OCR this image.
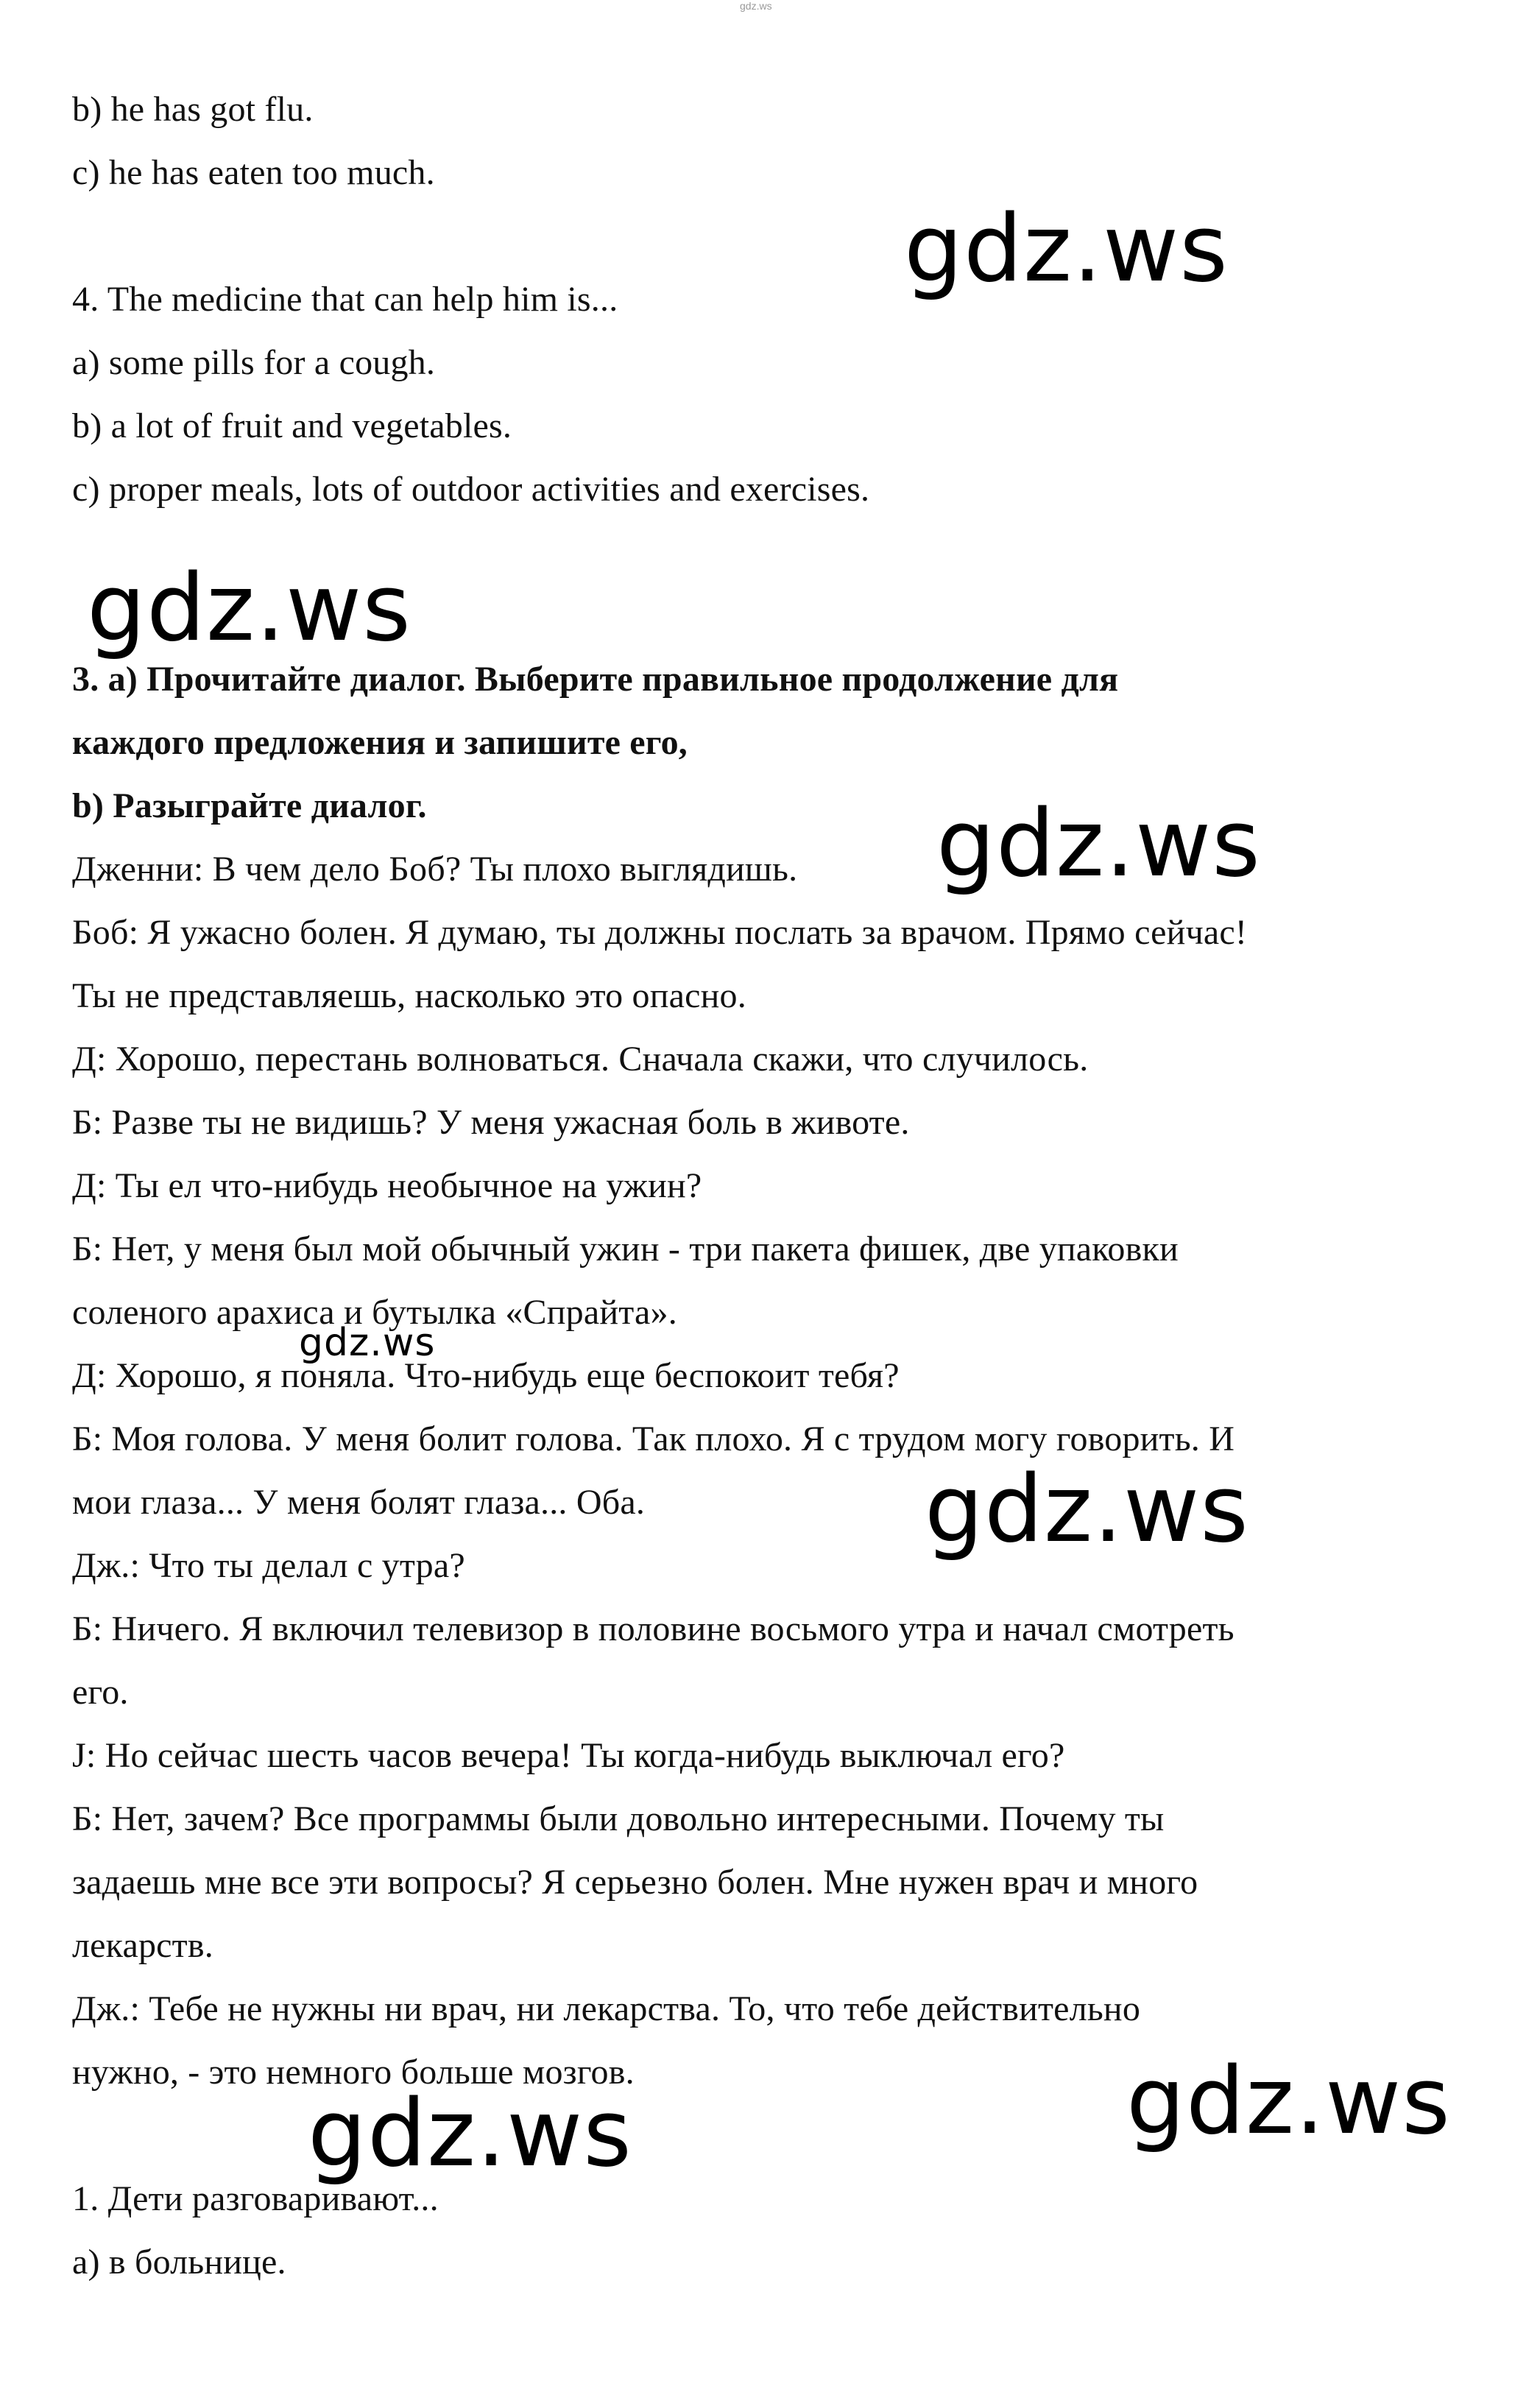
gdz.ws
b) he has got flu.
c) he has eaten too much.
4. The medicine that can help him is...
a) some pills for a cough.
b) a lot of fruit and vegetables.
c) proper meals, lots of outdoor activities and exercises.
3. a) Прочитайте диалог. Выберите правильное продолжение для
каждого предложения и запишите его,
b) Разыграйте диалог.
Дженни: В чем дело Боб? Ты плохо выглядишь.
Боб: Я ужасно болен. Я думаю, ты должны послать за врачом. Прямо сейчас!
Ты не представляешь, насколько это опасно.
Д: Хорошо, перестань волноваться. Сначала скажи, что случилось.
Б: Разве ты не видишь? У меня ужасная боль в животе.
Д: Ты ел что-нибудь необычное на ужин?
Б: Нет, у меня был мой обычный ужин - три пакета фишек, две упаковки
соленого арахиса и бутылка «Спрайта».
Д: Хорошо, я поняла. Что-нибудь еще беспокоит тебя?
Б: Моя голова. У меня болит голова. Так плохо. Я с трудом могу говорить. И
мои глаза... У меня болят глаза... Оба.
Дж.: Что ты делал с утра?
Б: Ничего. Я включил телевизор в половине восьмого утра и начал смотреть
его.
J: Но сейчас шесть часов вечера! Ты когда-нибудь выключал его?
Б: Нет, зачем? Все программы были довольно интересными. Почему ты
задаешь мне все эти вопросы? Я серьезно болен. Мне нужен врач и много
лекарств.
Дж.: Тебе не нужны ни врач, ни лекарства. То, что тебе действительно
нужно, - это немного больше мозгов.
1. Дети разговаривают...
а) в больнице.
gdz.ws
gdz.ws
gdz.ws
gdz.ws
gdz.ws
gdz.ws
gdz.ws
